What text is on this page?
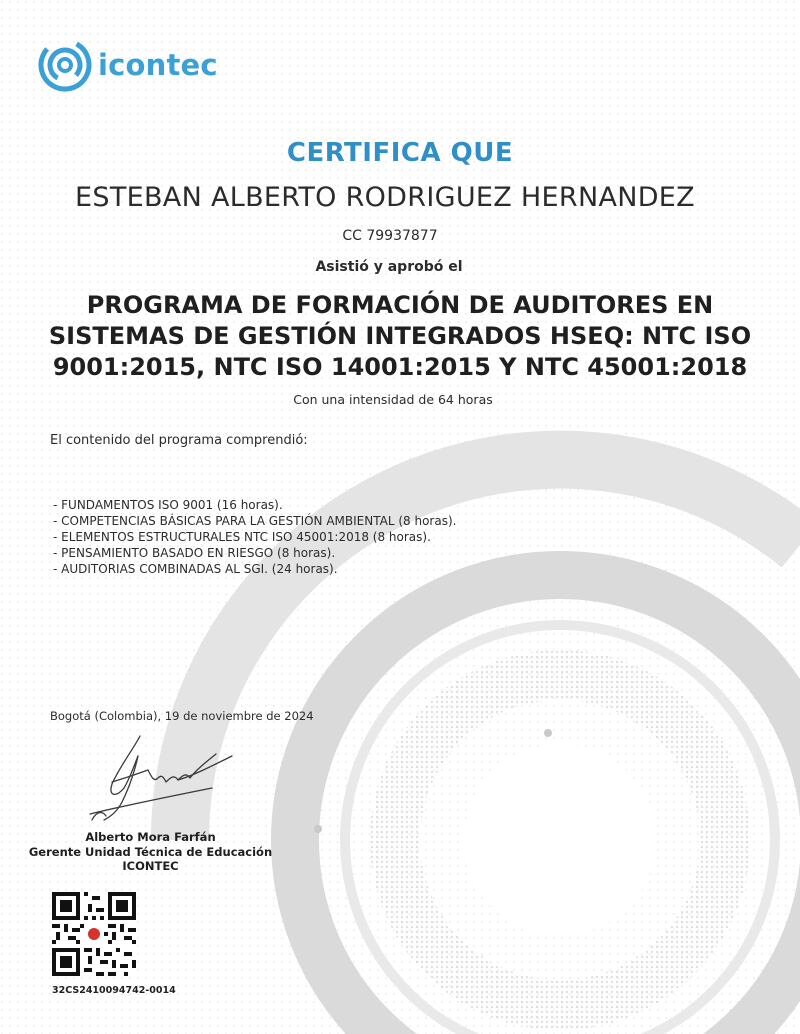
icontec
CERTIFICA QUE
ESTEBAN ALBERTO RODRIGUEZ HERNANDEZ
CC 79937877
Asistió y aprobó el
PROGRAMA DE FORMACIÓN DE AUDITORES EN
SISTEMAS DE GESTIÓN INTEGRADOS HSEQ: NTC ISO
9001:2015, NTC ISO 14001:2015 Y NTC 45001:2018
Con una intensidad de 64 horas
El contenido del programa comprendió:
- FUNDAMENTOS ISO 9001 (16 horas).
- COMPETENCIAS BÁSICAS PARA LA GESTIÓN AMBIENTAL (8 horas).
- ELEMENTOS ESTRUCTURALES NTC ISO 45001:2018 (8 horas).
- PENSAMIENTO BASADO EN RIESGO (8 horas).
- AUDITORIAS COMBINADAS AL SGI. (24 horas).
Bogotá (Colombia), 19 de noviembre de 2024
Alberto Mora Farfán
Gerente Unidad Técnica de Educación ICONTEC
32CS2410094742-0014
